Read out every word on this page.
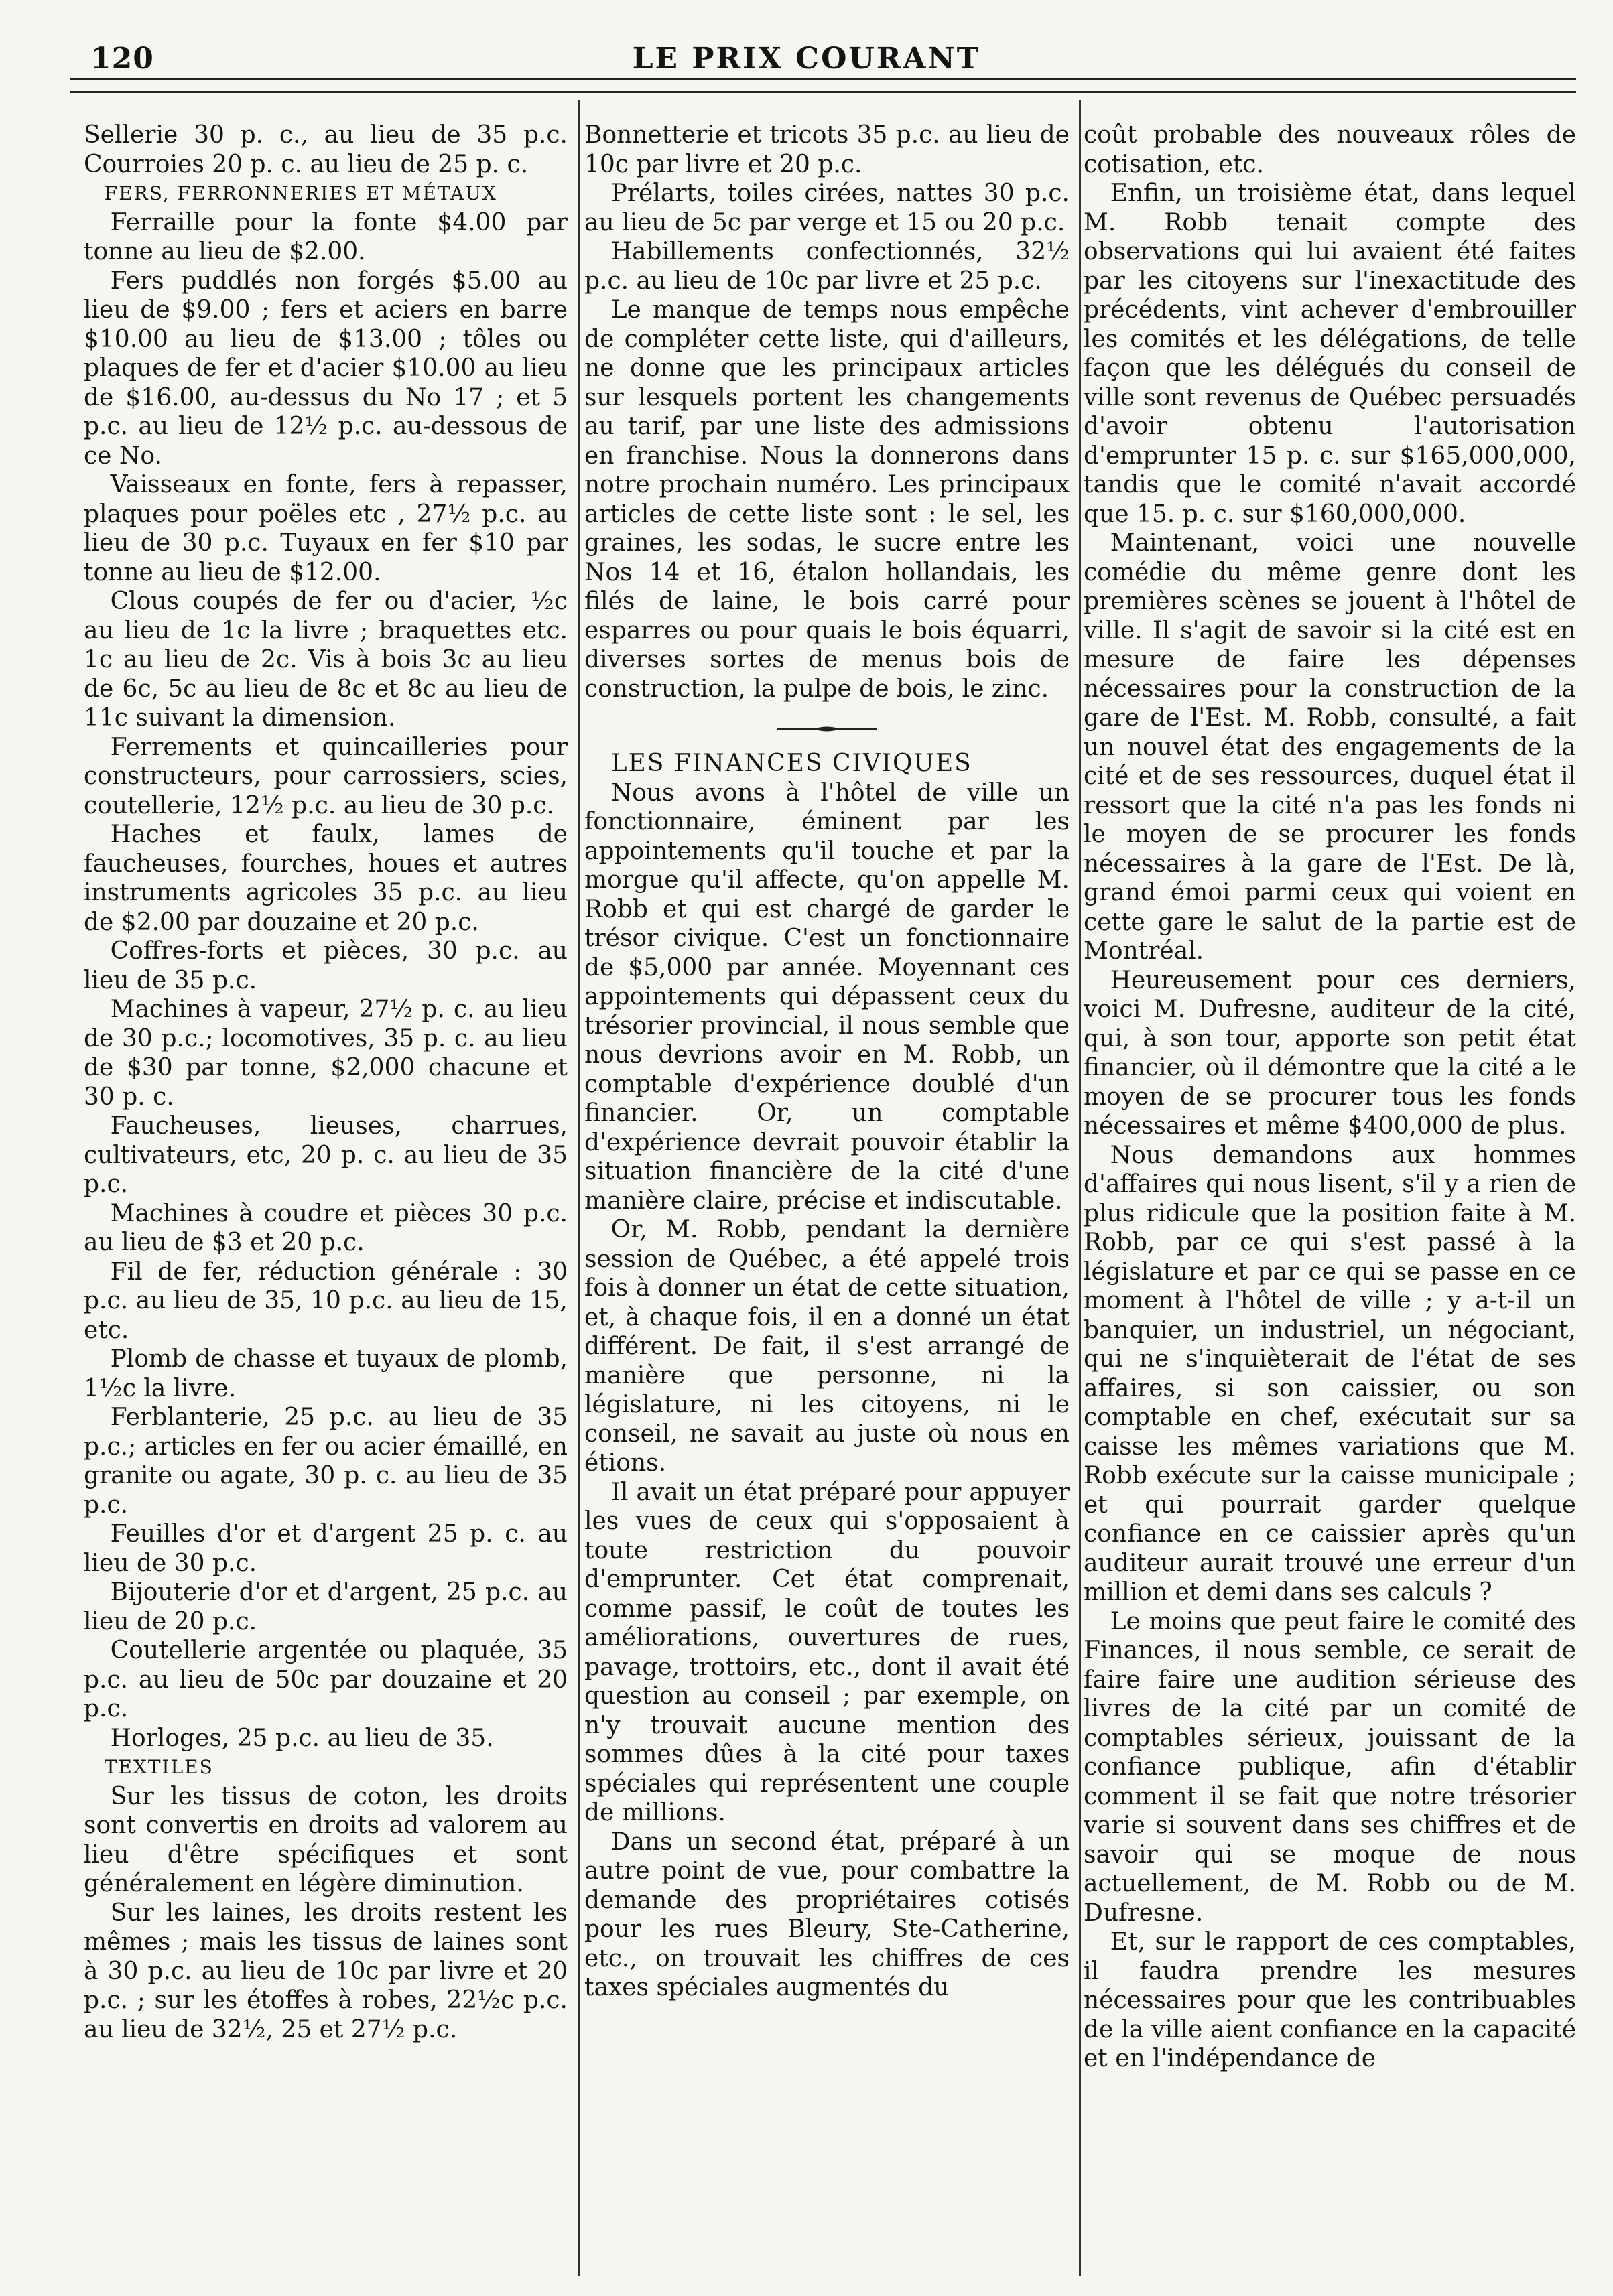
120	LE PRIX COURANT

Sellerie 30 p. c., au lieu de 35 p.c. Courroies 20 p. c. au lieu de 25 p. c.

FERS, FERRONNERIES ET MÉTAUX

Ferraille pour la fonte $4.00 par tonne au lieu de $2.00.

Fers puddlés non forgés $5.00 au lieu de $9.00 ; fers et aciers en barre $10.00 au lieu de $13.00 ; tôles ou plaques de fer et d'acier $10.00 au lieu de $16.00, au-dessus du No 17 ; et 5 p.c. au lieu de 12½ p.c. au-dessous de ce No.

Vaisseaux en fonte, fers à repasser, plaques pour poëles etc , 27½ p.c. au lieu de 30 p.c. Tuyaux en fer $10 par tonne au lieu de $12.00.

Clous coupés de fer ou d'acier, ½c au lieu de 1c la livre ; braquettes etc. 1c au lieu de 2c. Vis à bois 3c au lieu de 6c, 5c au lieu de 8c et 8c au lieu de 11c suivant la dimension.

Ferrements et quincailleries pour constructeurs, pour carrossiers, scies, coutellerie, 12½ p.c. au lieu de 30 p.c.

Haches et faulx, lames de faucheuses, fourches, houes et autres instruments agricoles 35 p.c. au lieu de $2.00 par douzaine et 20 p.c.

Coffres-forts et pièces, 30 p.c. au lieu de 35 p.c.

Machines à vapeur, 27½ p. c. au lieu de 30 p.c.; locomotives, 35 p. c. au lieu de $30 par tonne, $2,000 chacune et 30 p. c.

Faucheuses, lieuses, charrues, cultivateurs, etc, 20 p. c. au lieu de 35 p.c.

Machines à coudre et pièces 30 p.c. au lieu de $3 et 20 p.c.

Fil de fer, réduction générale : 30 p.c. au lieu de 35, 10 p.c. au lieu de 15, etc.

Plomb de chasse et tuyaux de plomb, 1½c la livre.

Ferblanterie, 25 p.c. au lieu de 35 p.c.; articles en fer ou acier émaillé, en granite ou agate, 30 p. c. au lieu de 35 p.c.

Feuilles d'or et d'argent 25 p. c. au lieu de 30 p.c.

Bijouterie d'or et d'argent, 25 p.c. au lieu de 20 p.c.

Coutellerie argentée ou plaquée, 35 p.c. au lieu de 50c par douzaine et 20 p.c.

Horloges, 25 p.c. au lieu de 35.

TEXTILES

Sur les tissus de coton, les droits sont convertis en droits ad valorem au lieu d'être spécifiques et sont généralement en légère diminution.

Sur les laines, les droits restent les mêmes ; mais les tissus de laines sont à 30 p.c. au lieu de 10c par livre et 20 p.c. ; sur les étoffes à robes, 22½c p.c. au lieu de 32½, 25 et 27½ p.c.

Bonnetterie et tricots 35 p.c. au lieu de 10c par livre et 20 p.c.

Prélarts, toiles cirées, nattes 30 p.c. au lieu de 5c par verge et 15 ou 20 p.c.

Habillements confectionnés, 32½ p.c. au lieu de 10c par livre et 25 p.c.

Le manque de temps nous empêche de compléter cette liste, qui d'ailleurs, ne donne que les principaux articles sur lesquels portent les changements au tarif, par une liste des admissions en franchise. Nous la donnerons dans notre prochain numéro. Les principaux articles de cette liste sont : le sel, les graines, les sodas, le sucre entre les Nos 14 et 16, étalon hollandais, les filés de laine, le bois carré pour esparres ou pour quais le bois équarri, diverses sortes de menus bois de construction, la pulpe de bois, le zinc.

LES FINANCES CIVIQUES

Nous avons à l'hôtel de ville un fonctionnaire, éminent par les appointements qu'il touche et par la morgue qu'il affecte, qu'on appelle M. Robb et qui est chargé de garder le trésor civique. C'est un fonctionnaire de $5,000 par année. Moyennant ces appointements qui dépassent ceux du trésorier provincial, il nous semble que nous devrions avoir en M. Robb, un comptable d'expérience doublé d'un financier. Or, un comptable d'expérience devrait pouvoir établir la situation financière de la cité d'une manière claire, précise et indiscutable.

Or, M. Robb, pendant la dernière session de Québec, a été appelé trois fois à donner un état de cette situation, et, à chaque fois, il en a donné un état différent. De fait, il s'est arrangé de manière que personne, ni la législature, ni les citoyens, ni le conseil, ne savait au juste où nous en étions.

Il avait un état préparé pour appuyer les vues de ceux qui s'opposaient à toute restriction du pouvoir d'emprunter. Cet état comprenait, comme passif, le coût de toutes les améliorations, ouvertures de rues, pavage, trottoirs, etc., dont il avait été question au conseil ; par exemple, on n'y trouvait aucune mention des sommes dûes à la cité pour taxes spéciales qui représentent une couple de millions.

Dans un second état, préparé à un autre point de vue, pour combattre la demande des propriétaires cotisés pour les rues Bleury, Ste-Catherine, etc., on trouvait les chiffres de ces taxes spéciales augmentés du

coût probable des nouveaux rôles de cotisation, etc.

Enfin, un troisième état, dans lequel M. Robb tenait compte des observations qui lui avaient été faites par les citoyens sur l'inexactitude des précédents, vint achever d'embrouiller les comités et les délégations, de telle façon que les délégués du conseil de ville sont revenus de Québec persuadés d'avoir obtenu l'autorisation d'emprunter 15 p. c. sur $165,000,000, tandis que le comité n'avait accordé que 15. p. c. sur $160,000,000.

Maintenant, voici une nouvelle comédie du même genre dont les premières scènes se jouent à l'hôtel de ville. Il s'agit de savoir si la cité est en mesure de faire les dépenses nécessaires pour la construction de la gare de l'Est. M. Robb, consulté, a fait un nouvel état des engagements de la cité et de ses ressources, duquel état il ressort que la cité n'a pas les fonds ni le moyen de se procurer les fonds nécessaires à la gare de l'Est. De là, grand émoi parmi ceux qui voient en cette gare le salut de la partie est de Montréal.

Heureusement pour ces derniers, voici M. Dufresne, auditeur de la cité, qui, à son tour, apporte son petit état financier, où il démontre que la cité a le moyen de se procurer tous les fonds nécessaires et même $400,000 de plus.

Nous demandons aux hommes d'affaires qui nous lisent, s'il y a rien de plus ridicule que la position faite à M. Robb, par ce qui s'est passé à la législature et par ce qui se passe en ce moment à l'hôtel de ville ; y a-t-il un banquier, un industriel, un négociant, qui ne s'inquièterait de l'état de ses affaires, si son caissier, ou son comptable en chef, exécutait sur sa caisse les mêmes variations que M. Robb exécute sur la caisse municipale ; et qui pourrait garder quelque confiance en ce caissier après qu'un auditeur aurait trouvé une erreur d'un million et demi dans ses calculs ?

Le moins que peut faire le comité des Finances, il nous semble, ce serait de faire faire une audition sérieuse des livres de la cité par un comité de comptables sérieux, jouissant de la confiance publique, afin d'établir comment il se fait que notre trésorier varie si souvent dans ses chiffres et de savoir qui se moque de nous actuellement, de M. Robb ou de M. Dufresne.

Et, sur le rapport de ces comptables, il faudra prendre les mesures nécessaires pour que les contribuables de la ville aient confiance en la capacité et en l'indépendance de
